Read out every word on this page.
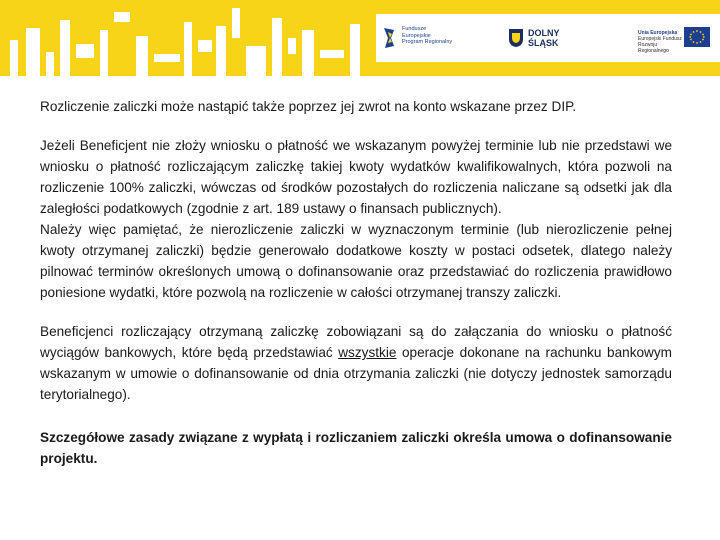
Fundusze
Europejskie
Program Regionalny
DOLNY
ŚLĄSK
Unia Europejska
Europejski Fundusz
Rozwoju Regionalnego

Rozliczenie zaliczki może nastąpić także poprzez jej zwrot na konto wskazane przez DIP.

Jeżeli Beneficjent nie złoży wniosku o płatność we wskazanym powyżej terminie lub nie przedstawi we wniosku o płatność rozliczającym zaliczkę takiej kwoty wydatków kwalifikowalnych, która pozwoli na rozliczenie 100% zaliczki, wówczas od środków pozostałych do rozliczenia naliczane są odsetki jak dla zaległości podatkowych (zgodnie z art. 189 ustawy o finansach publicznych).

Należy więc pamiętać, że nierozliczenie zaliczki w wyznaczonym terminie (lub nierozliczenie pełnej kwoty otrzymanej zaliczki) będzie generowało dodatkowe koszty w postaci odsetek, dlatego należy pilnować terminów określonych umową o dofinansowanie oraz przedstawiać do rozliczenia prawidłowo poniesione wydatki, które pozwolą na rozliczenie w całości otrzymanej transzy zaliczki.

Beneficjenci rozliczający otrzymaną zaliczkę zobowiązani są do załączania do wniosku o płatność wyciągów bankowych, które będą przedstawiać wszystkie operacje dokonane na rachunku bankowym wskazanym w umowie o dofinansowanie od dnia otrzymania zaliczki (nie dotyczy jednostek samorządu terytorialnego).

Szczegółowe zasady związane z wypłatą i rozliczaniem zaliczki określa umowa o dofinansowanie projektu.
